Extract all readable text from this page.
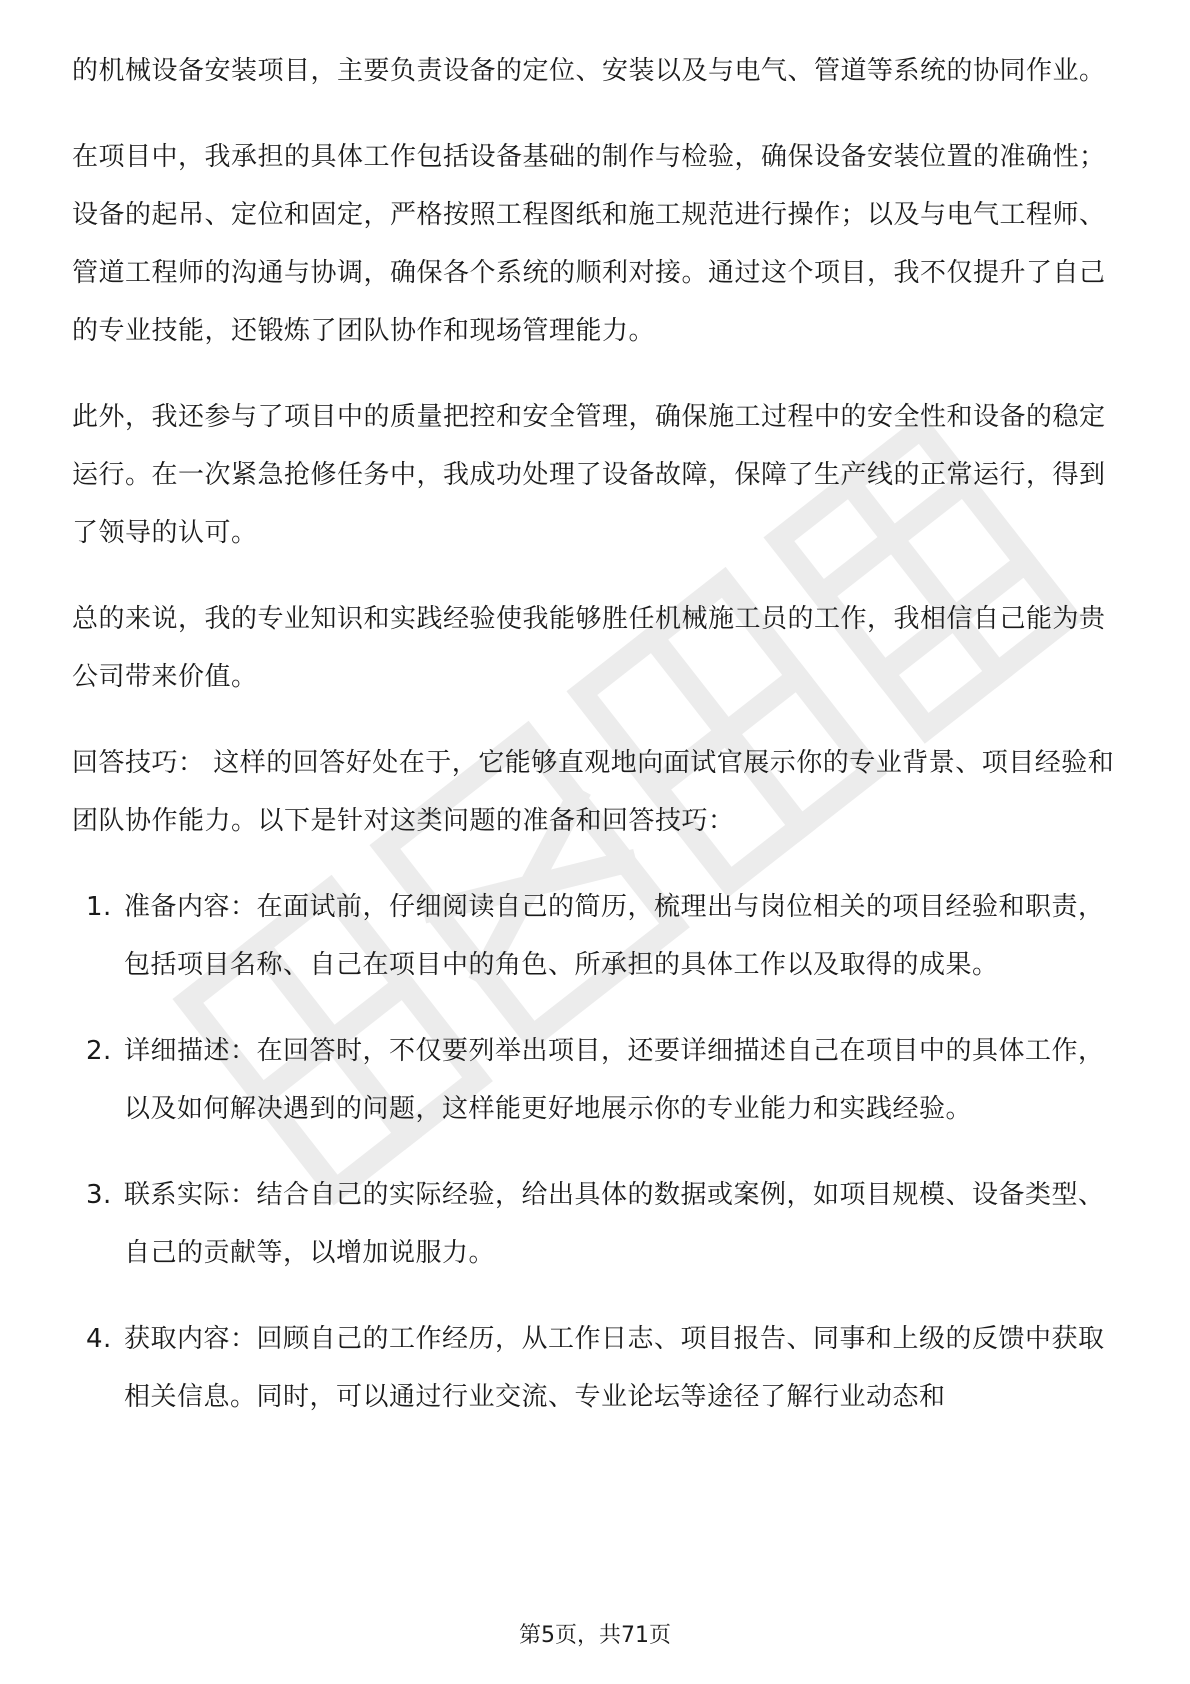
的机械设备安装项目，主要负责设备的定位、安装以及与电气、管道等系统的协同作业。

在项目中，我承担的具体工作包括设备基础的制作与检验，确保设备安装位置的准确性；设备的起吊、定位和固定，严格按照工程图纸和施工规范进行操作；以及与电气工程师、管道工程师的沟通与协调，确保各个系统的顺利对接。通过这个项目，我不仅提升了自己的专业技能，还锻炼了团队协作和现场管理能力。

此外，我还参与了项目中的质量把控和安全管理，确保施工过程中的安全性和设备的稳定运行。在一次紧急抢修任务中，我成功处理了设备故障，保障了生产线的正常运行，得到了领导的认可。

总的来说，我的专业知识和实践经验使我能够胜任机械施工员的工作，我相信自己能为贵公司带来价值。

回答技巧： 这样的回答好处在于，它能够直观地向面试官展示你的专业背景、项目经验和团队协作能力。以下是针对这类问题的准备和回答技巧：

1. 准备内容：在面试前，仔细阅读自己的简历，梳理出与岗位相关的项目经验和职责，包括项目名称、自己在项目中的角色、所承担的具体工作以及取得的成果。
2. 详细描述：在回答时，不仅要列举出项目，还要详细描述自己在项目中的具体工作，以及如何解决遇到的问题，这样能更好地展示你的专业能力和实践经验。
3. 联系实际：结合自己的实际经验，给出具体的数据或案例，如项目规模、设备类型、自己的贡献等，以增加说服力。
4. 获取内容：回顾自己的工作经历，从工作日志、项目报告、同事和上级的反馈中获取相关信息。同时，可以通过行业交流、专业论坛等途径了解行业动态和
第5页，共71页
